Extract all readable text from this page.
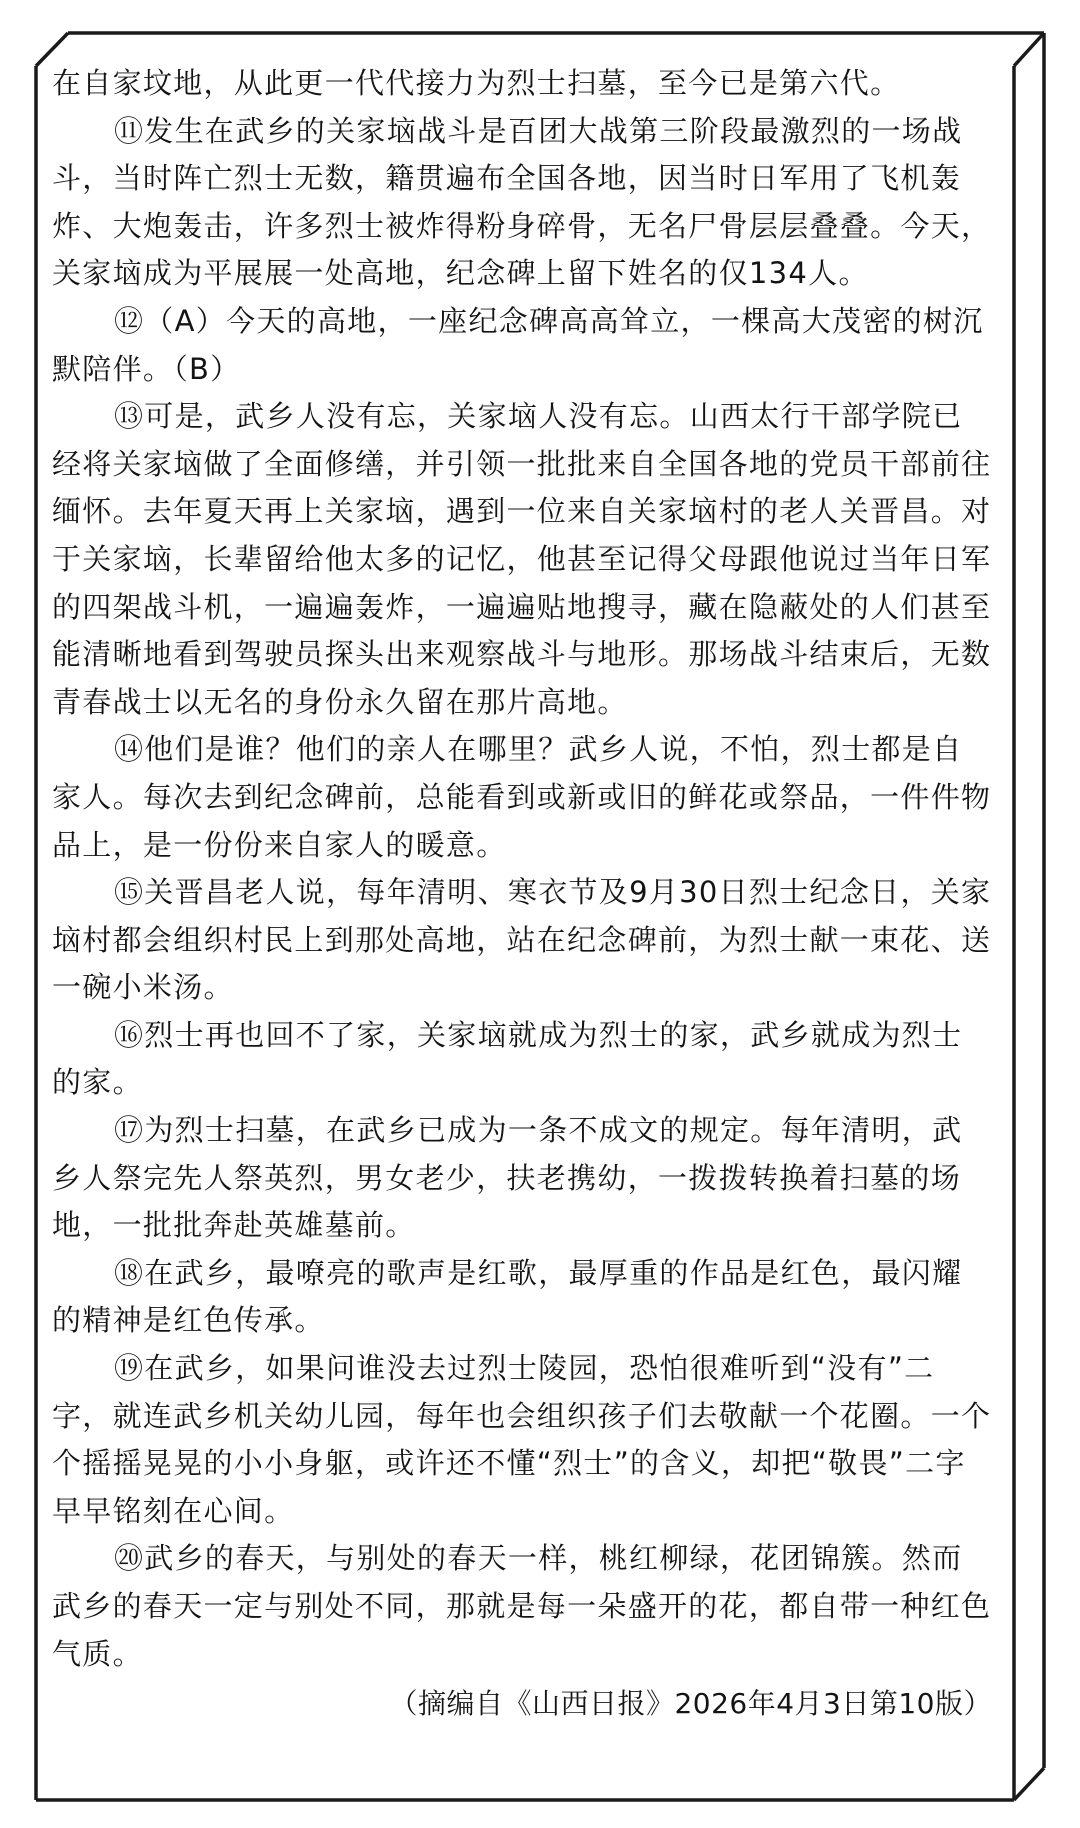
在自家坟地，从此更一代代接力为烈士扫墓，至今已是第六代。

⑪发生在武乡的关家垴战斗是百团大战第三阶段最激烈的一场战斗，当时阵亡烈士无数，籍贯遍布全国各地，因当时日军用了飞机轰炸、大炮轰击，许多烈士被炸得粉身碎骨，无名尸骨层层叠叠。今天，关家垴成为平展展一处高地，纪念碑上留下姓名的仅134人。

⑫（A）今天的高地，一座纪念碑高高耸立，一棵高大茂密的树沉默陪伴。（B）

⑬可是，武乡人没有忘，关家垴人没有忘。山西太行干部学院已经将关家垴做了全面修缮，并引领一批批来自全国各地的党员干部前往缅怀。去年夏天再上关家垴，遇到一位来自关家垴村的老人关晋昌。对于关家垴，长辈留给他太多的记忆，他甚至记得父母跟他说过当年日军的四架战斗机，一遍遍轰炸，一遍遍贴地搜寻，藏在隐蔽处的人们甚至能清晰地看到驾驶员探头出来观察战斗与地形。那场战斗结束后，无数青春战士以无名的身份永久留在那片高地。

⑭他们是谁？他们的亲人在哪里？武乡人说，不怕，烈士都是自家人。每次去到纪念碑前，总能看到或新或旧的鲜花或祭品，一件件物品上，是一份份来自家人的暖意。

⑮关晋昌老人说，每年清明、寒衣节及9月30日烈士纪念日，关家垴村都会组织村民上到那处高地，站在纪念碑前，为烈士献一束花、送一碗小米汤。

⑯烈士再也回不了家，关家垴就成为烈士的家，武乡就成为烈士的家。

⑰为烈士扫墓，在武乡已成为一条不成文的规定。每年清明，武乡人祭完先人祭英烈，男女老少，扶老携幼，一拨拨转换着扫墓的场地，一批批奔赴英雄墓前。

⑱在武乡，最嘹亮的歌声是红歌，最厚重的作品是红色，最闪耀的精神是红色传承。

⑲在武乡，如果问谁没去过烈士陵园，恐怕很难听到“没有”二字，就连武乡机关幼儿园，每年也会组织孩子们去敬献一个花圈。一个个摇摇晃晃的小小身躯，或许还不懂“烈士”的含义，却把“敬畏”二字早早铭刻在心间。

⑳武乡的春天，与别处的春天一样，桃红柳绿，花团锦簇。然而武乡的春天一定与别处不同，那就是每一朵盛开的花，都自带一种红色气质。

（摘编自《山西日报》2026年4月3日第10版）
